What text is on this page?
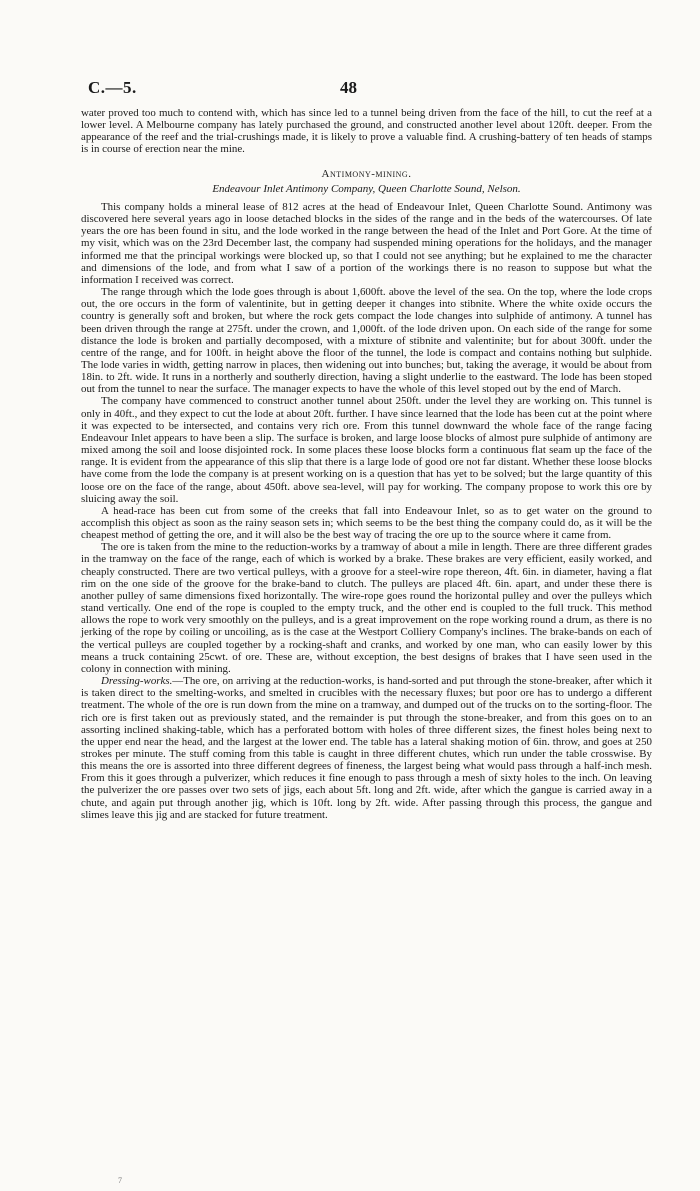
C.—5.	48

water proved too much to contend with, which has since led to a tunnel being driven from the face of the hill, to cut the reef at a lower level. A Melbourne company has lately purchased the ground, and constructed another level about 120ft. deeper. From the appearance of the reef and the trial-crushings made, it is likely to prove a valuable find. A crushing-battery of ten heads of stamps is in course of erection near the mine.

Antimony-mining.
Endeavour Inlet Antimony Company, Queen Charlotte Sound, Nelson.

This company holds a mineral lease of 812 acres at the head of Endeavour Inlet, Queen Charlotte Sound. Antimony was discovered here several years ago in loose detached blocks in the sides of the range and in the beds of the watercourses. Of late years the ore has been found in situ, and the lode worked in the range between the head of the Inlet and Port Gore. At the time of my visit, which was on the 23rd December last, the company had suspended mining operations for the holidays, and the manager informed me that the principal workings were blocked up, so that I could not see anything; but he explained to me the character and dimensions of the lode, and from what I saw of a portion of the workings there is no reason to suppose but what the information I received was correct.

The range through which the lode goes through is about 1,600ft. above the level of the sea. On the top, where the lode crops out, the ore occurs in the form of valentinite, but in getting deeper it changes into stibnite. Where the white oxide occurs the country is generally soft and broken, but where the rock gets compact the lode changes into sulphide of antimony. A tunnel has been driven through the range at 275ft. under the crown, and 1,000ft. of the lode driven upon. On each side of the range for some distance the lode is broken and partially decomposed, with a mixture of stibnite and valentinite; but for about 300ft. under the centre of the range, and for 100ft. in height above the floor of the tunnel, the lode is compact and contains nothing but sulphide. The lode varies in width, getting narrow in places, then widening out into bunches; but, taking the average, it would be about from 18in. to 2ft. wide. It runs in a northerly and southerly direction, having a slight underlie to the eastward. The lode has been stoped out from the tunnel to near the surface. The manager expects to have the whole of this level stoped out by the end of March.

The company have commenced to construct another tunnel about 250ft. under the level they are working on. This tunnel is only in 40ft., and they expect to cut the lode at about 20ft. further. I have since learned that the lode has been cut at the point where it was expected to be intersected, and contains very rich ore. From this tunnel downward the whole face of the range facing Endeavour Inlet appears to have been a slip. The surface is broken, and large loose blocks of almost pure sulphide of antimony are mixed among the soil and loose disjointed rock. In some places these loose blocks form a continuous flat seam up the face of the range. It is evident from the appearance of this slip that there is a large lode of good ore not far distant. Whether these loose blocks have come from the lode the company is at present working on is a question that has yet to be solved; but the large quantity of this loose ore on the face of the range, about 450ft. above sea-level, will pay for working. The company propose to work this ore by sluicing away the soil.

A head-race has been cut from some of the creeks that fall into Endeavour Inlet, so as to get water on the ground to accomplish this object as soon as the rainy season sets in; which seems to be the best thing the company could do, as it will be the cheapest method of getting the ore, and it will also be the best way of tracing the ore up to the source where it came from.

The ore is taken from the mine to the reduction-works by a tramway of about a mile in length. There are three different grades in the tramway on the face of the range, each of which is worked by a brake. These brakes are very efficient, easily worked, and cheaply constructed. There are two vertical pulleys, with a groove for a steel-wire rope thereon, 4ft. 6in. in diameter, having a flat rim on the one side of the groove for the brake-band to clutch. The pulleys are placed 4ft. 6in. apart, and under these there is another pulley of same dimensions fixed horizontally. The wire-rope goes round the horizontal pulley and over the pulleys which stand vertically. One end of the rope is coupled to the empty truck, and the other end is coupled to the full truck. This method allows the rope to work very smoothly on the pulleys, and is a great improvement on the rope working round a drum, as there is no jerking of the rope by coiling or uncoiling, as is the case at the Westport Colliery Company's inclines. The brake-bands on each of the vertical pulleys are coupled together by a rocking-shaft and cranks, and worked by one man, who can easily lower by this means a truck containing 25cwt. of ore. These are, without exception, the best designs of brakes that I have seen used in the colony in connection with mining.

Dressing-works.—The ore, on arriving at the reduction-works, is hand-sorted and put through the stone-breaker, after which it is taken direct to the smelting-works, and smelted in crucibles with the necessary fluxes; but poor ore has to undergo a different treatment. The whole of the ore is run down from the mine on a tramway, and dumped out of the trucks on to the sorting-floor. The rich ore is first taken out as previously stated, and the remainder is put through the stone-breaker, and from this goes on to an assorting inclined shaking-table, which has a perforated bottom with holes of three different sizes, the finest holes being next to the upper end near the head, and the largest at the lower end. The table has a lateral shaking motion of 6in. throw, and goes at 250 strokes per minute. The stuff coming from this table is caught in three different chutes, which run under the table crosswise. By this means the ore is assorted into three different degrees of fineness, the largest being what would pass through a half-inch mesh. From this it goes through a pulverizer, which reduces it fine enough to pass through a mesh of sixty holes to the inch. On leaving the pulverizer the ore passes over two sets of jigs, each about 5ft. long and 2ft. wide, after which the gangue is carried away in a chute, and again put through another jig, which is 10ft. long by 2ft. wide. After passing through this process, the gangue and slimes leave this jig and are stacked for future treatment.

7
